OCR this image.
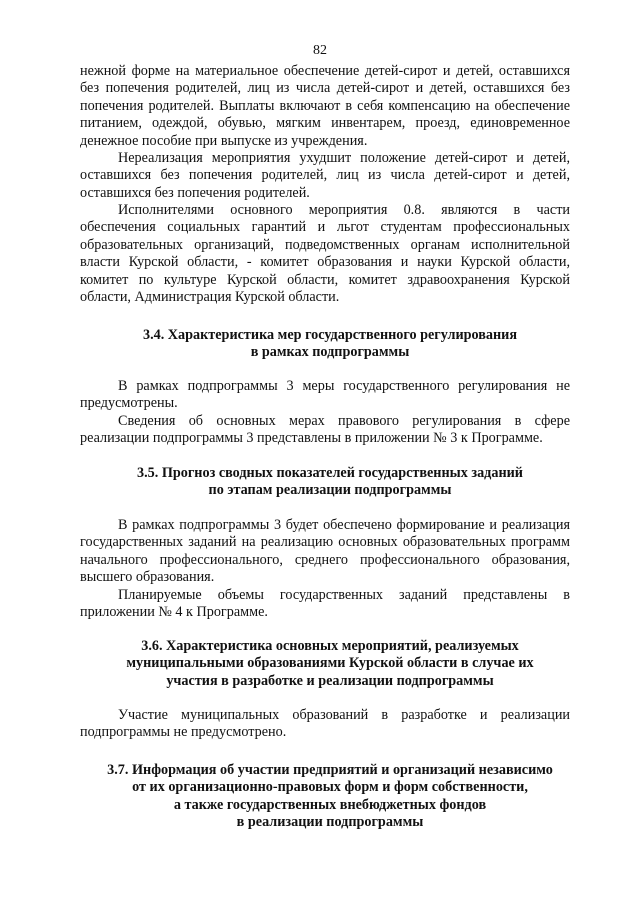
82

нежной форме на материальное обеспечение детей-сирот и детей, оставшихся без попечения родителей, лиц из числа детей-сирот и детей, оставшихся без попечения родителей. Выплаты включают в себя компенсацию на обеспечение питанием, одеждой, обувью, мягким инвентарем, проезд, единовременное денежное пособие при выпуске из учреждения.

Нереализация мероприятия ухудшит положение детей-сирот и детей, оставшихся без попечения родителей, лиц из числа детей-сирот и детей, оставшихся без попечения родителей.

Исполнителями основного мероприятия 0.8. являются в части обеспечения социальных гарантий и льгот студентам профессиональных образовательных организаций, подведомственных органам исполнительной власти Курской области, - комитет образования и науки Курской области, комитет по культуре Курской области, комитет здравоохранения Курской области, Администрация Курской области.

3.4. Характеристика мер государственного регулирования
в рамках подпрограммы

В рамках подпрограммы 3 меры государственного регулирования не предусмотрены.

Сведения об основных мерах правового регулирования в сфере реализации подпрограммы 3 представлены в приложении № 3 к Программе.

3.5. Прогноз сводных показателей государственных заданий
по этапам реализации подпрограммы

В рамках подпрограммы 3 будет обеспечено формирование и реализация государственных заданий на реализацию основных образовательных программ начального профессионального, среднего профессионального образования, высшего образования.

Планируемые объемы государственных заданий представлены в приложении № 4 к Программе.

3.6. Характеристика основных мероприятий, реализуемых
муниципальными образованиями Курской области в случае их
участия в разработке и реализации подпрограммы

Участие муниципальных образований в разработке и реализации подпрограммы не предусмотрено.

3.7. Информация об участии предприятий и организаций независимо
от их организационно-правовых форм и форм собственности,
а также государственных внебюджетных фондов
в реализации подпрограммы
